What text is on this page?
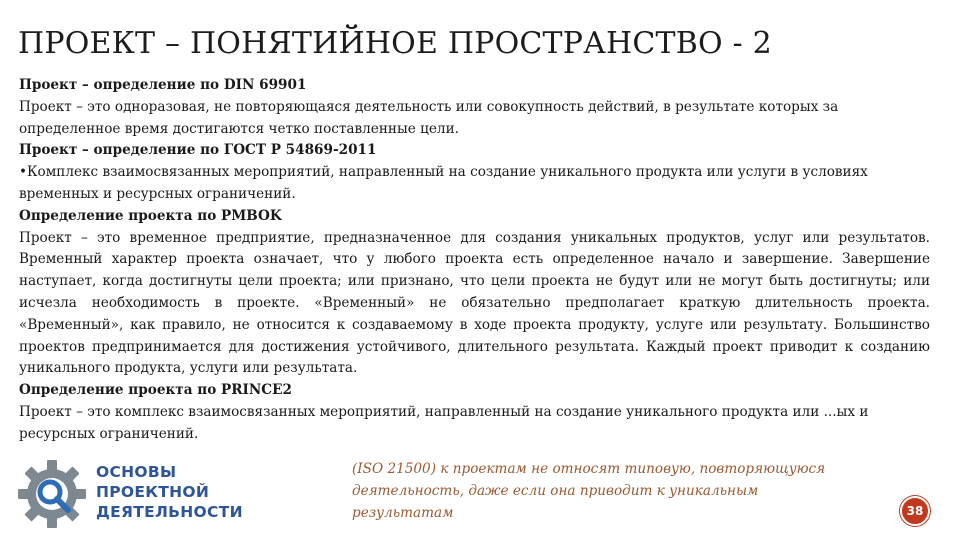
ПРОЕКТ – ПОНЯТИЙНОЕ ПРОСТРАНСТВО - 2

Проект – определение по DIN 69901

Проект – это одноразовая, не повторяющаяся деятельность или совокупность действий, в результате которых за определенное время достигаются четко поставленные цели.

Проект – определение по ГОСТ Р 54869-2011

•Комплекс взаимосвязанных мероприятий, направленный на создание уникального продукта или услуги в условиях временных и ресурсных ограничений.

Определение проекта по PMBOK

Проект – это временное предприятие, предназначенное для создания уникальных продуктов, услуг или результатов. Временный характер проекта означает, что у любого проекта есть определенное начало и завершение. Завершение наступает, когда достигнуты цели проекта; или признано, что цели проекта не будут или не могут быть достигнуты; или исчезла необходимость в проекте. «Временный» не обязательно предполагает краткую длительность проекта. «Временный», как правило, не относится к создаваемому в ходе проекта продукту, услуге или результату. Большинство проектов предпринимается для достижения устойчивого, длительного результата. Каждый проект приводит к созданию уникального продукта, услуги или результата.

Определение проекта по PRINCE2

Проект – это комплекс взаимосвязанных мероприятий, направленный на создание уникального продукта или ...ых и ресурсных ограничений.

ОСНОВЫ
ПРОЕКТНОЙ
ДЕЯТЕЛЬНОСТИ
(ISO 21500) к проектам не относят типовую, повторяющуюся
деятельность, даже если она приводит к уникальным
результатам	38
